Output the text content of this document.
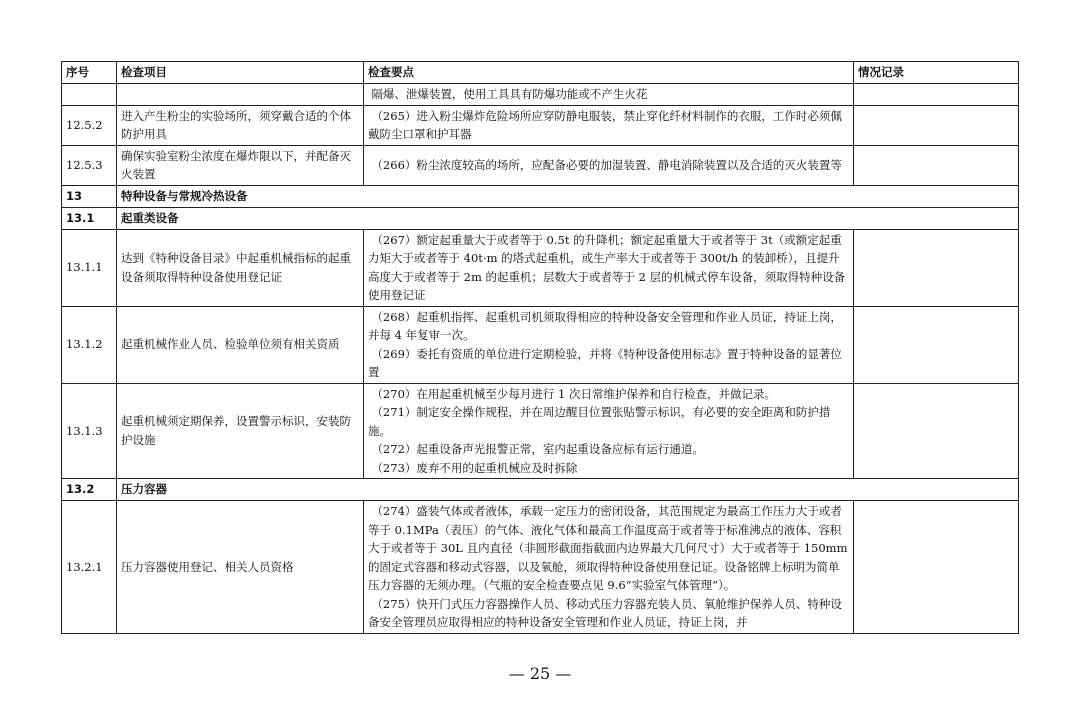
序号	检查项目	检查要点	情况记录

		隔爆、泄爆装置，使用工具具有防爆功能或不产生火花	

12.5.2	进入产生粉尘的实验场所，须穿戴合适的个体防护用具	（265）进入粉尘爆炸危险场所应穿防静电服装，禁止穿化纤材料制作的衣服，工作时必须佩戴防尘口罩和护耳器	

12.5.3	确保实验室粉尘浓度在爆炸限以下，并配备灭火装置	（266）粉尘浓度较高的场所，应配备必要的加湿装置、静电消除装置以及合适的灭火装置等	

13	特种设备与常规冷热设备		
13.1	起重类设备		
13.1.1	达到《特种设备目录》中起重机械指标的起重设备须取得特种设备使用登记证	（267）额定起重量大于或者等于 0.5t 的升降机；额定起重量大于或者等于 3t（或额定起重力矩大于或者等于 40t·m 的塔式起重机，或生产率大于或者等于 300t/h 的装卸桥），且提升高度大于或者等于 2m 的起重机；层数大于或者等于 2 层的机械式停车设备，须取得特种设备使用登记证	

13.1.2	起重机械作业人员、检验单位须有相关资质	（268）起重机指挥、起重机司机须取得相应的特种设备安全管理和作业人员证，持证上岗，并每 4 年复审一次。

（269）委托有资质的单位进行定期检验，并将《特种设备使用标志》置于特种设备的显著位置	

13.1.3	起重机械须定期保养，设置警示标识，安装防护设施	（270）在用起重机械至少每月进行 1 次日常维护保养和自行检查，并做记录。

（271）制定安全操作规程，并在周边醒目位置张贴警示标识，有必要的安全距离和防护措施。

（272）起重设备声光报警正常，室内起重设备应标有运行通道。

（273）废弃不用的起重机械应及时拆除	

13.2	压力容器		
13.2.1	压力容器使用登记、相关人员资格	（274）盛装气体或者液体，承载一定压力的密闭设备，其范围规定为最高工作压力大于或者等于 0.1MPa（表压）的气体、液化气体和最高工作温度高于或者等于标准沸点的液体、容积大于或者等于 30L 且内直径（非圆形截面指截面内边界最大几何尺寸）大于或者等于 150mm 的固定式容器和移动式容器，以及氧舱，须取得特种设备使用登记证。设备铭牌上标明为简单压力容器的无须办理。（气瓶的安全检查要点见 9.6“实验室气体管理”）。

（275）快开门式压力容器操作人员、移动式压力容器充装人员、氧舱维护保养人员、特种设备安全管理员应取得相应的特种设备安全管理和作业人员证，持证上岗，并	

— 25 —
